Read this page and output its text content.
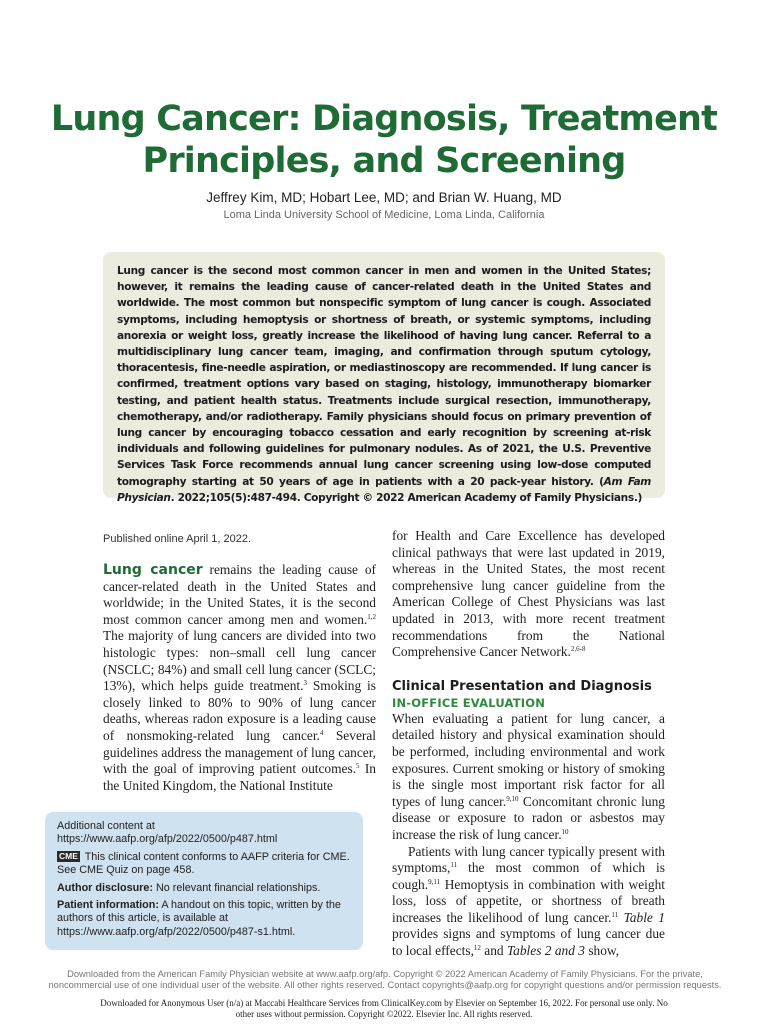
Lung Cancer: Diagnosis, Treatment
Principles, and Screening
Jeffrey Kim, MD; Hobart Lee, MD; and Brian W. Huang, MD
Loma Linda University School of Medicine, Loma Linda, California
Lung cancer is the second most common cancer in men and women in the United States; however, it remains the leading cause of cancer-related death in the United States and worldwide. The most common but nonspecific symptom of lung cancer is cough. Associated symptoms, including hemoptysis or shortness of breath, or systemic symptoms, including anorexia or weight loss, greatly increase the likelihood of having lung cancer. Referral to a multidisciplinary lung cancer team, imaging, and confirmation through sputum cytology, thoracentesis, fine-needle aspiration, or mediastinoscopy are recommended. If lung cancer is confirmed, treatment options vary based on staging, histology, immunotherapy biomarker testing, and patient health status. Treatments include surgical resection, immunotherapy, chemotherapy, and/or radiotherapy. Family physicians should focus on primary prevention of lung cancer by encouraging tobacco cessation and early recognition by screening at-risk individuals and following guidelines for pulmonary nodules. As of 2021, the U.S. Preventive Services Task Force recommends annual lung cancer screening using low-dose computed tomography starting at 50 years of age in patients with a 20 pack-year history. (Am Fam Physician. 2022;105(5):487-494. Copyright © 2022 American Academy of Family Physicians.)
Published online April 1, 2022.

Lung cancer remains the leading cause of cancer-related death in the United States and worldwide; in the United States, it is the second most common cancer among men and women.$^{1,2}$ The majority of lung cancers are divided into two histologic types: non–small cell lung cancer (NSCLC; 84%) and small cell lung cancer (SCLC; 13%), which helps guide treatment.$^3$ Smoking is closely linked to 80% to 90% of lung cancer deaths, whereas radon exposure is a leading cause of nonsmoking-related lung cancer.$^4$ Several guidelines address the management of lung cancer, with the goal of improving patient outcomes.$^5$ In the United Kingdom, the National Institute

for Health and Care Excellence has developed clinical pathways that were last updated in 2019, whereas in the United States, the most recent comprehensive lung cancer guideline from the American College of Chest Physicians was last updated in 2013, with more recent treatment recommendations from the National Comprehensive Cancer Network.$^{2,6-8}$

Clinical Presentation and Diagnosis

IN-OFFICE EVALUATION

When evaluating a patient for lung cancer, a detailed history and physical examination should be performed, including environmental and work exposures. Current smoking or history of smoking is the single most important risk factor for all types of lung cancer.$^{9,10}$ Concomitant chronic lung disease or exposure to radon or asbestos may increase the risk of lung cancer.$^{10}$

Patients with lung cancer typically present with symptoms,$^{11}$ the most common of which is cough.$^{9,11}$ Hemoptysis in combination with weight loss, loss of appetite, or shortness of breath increases the likelihood of lung cancer.$^{11}$ Table 1 provides signs and symptoms of lung cancer due to local effects,$^{12}$ and Tables 2 and 3 show,

Additional content at https://www.aafp.org/afp/2022/0500/p487.html

CME This clinical content conforms to AAFP criteria for CME. See CME Quiz on page 458.

Author disclosure: No relevant financial relationships.

Patient information: A handout on this topic, written by the authors of this article, is available at https://www.aafp.org/afp/2022/0500/p487-s1.html.

Downloaded from the American Family Physician website at www.aafp.org/afp. Copyright © 2022 American Academy of Family Physicians. For the private, noncommercial use of one individual user of the website. All other rights reserved. Contact copyrights@aafp.org for copyright questions and/or permission requests.
Downloaded for Anonymous User (n/a) at Maccabi Healthcare Services from ClinicalKey.com by Elsevier on September 16, 2022. For personal use only. No other uses without permission. Copyright ©2022. Elsevier Inc. All rights reserved.
